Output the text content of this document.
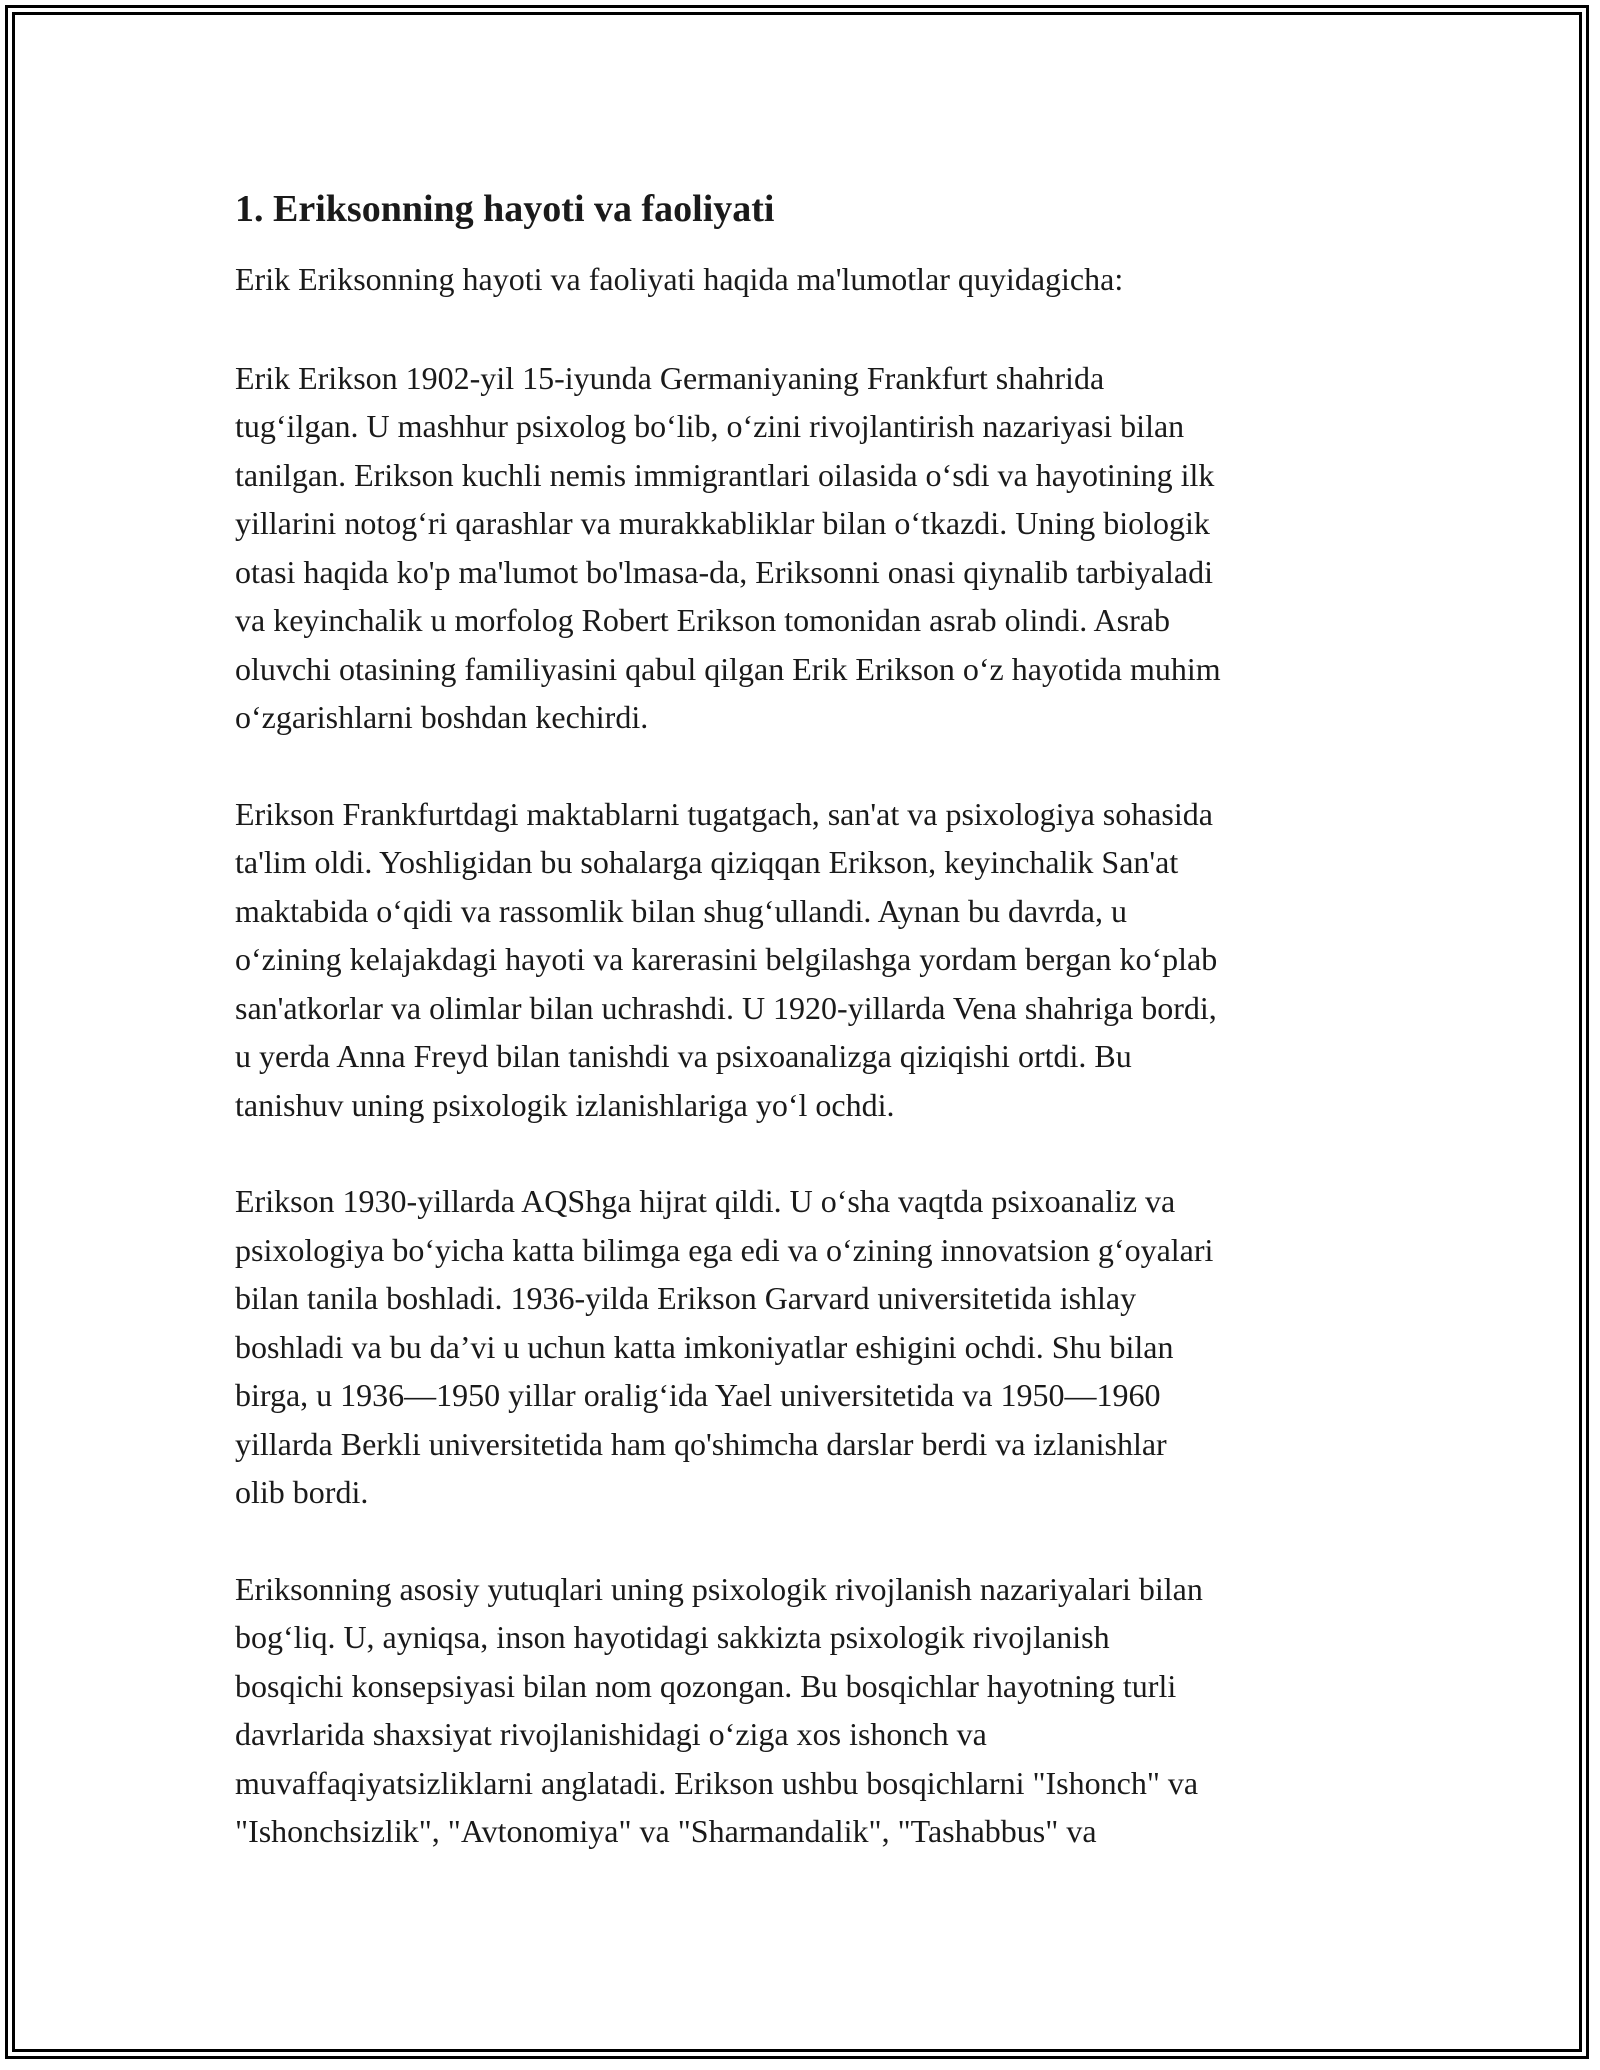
1. Eriksonning hayoti va faoliyati

Erik Eriksonning hayoti va faoliyati haqida ma'lumotlar quyidagicha:

Erik Erikson 1902-yil 15-iyunda Germaniyaning Frankfurt shahrida
tug‘ilgan. U mashhur psixolog bo‘lib, o‘zini rivojlantirish nazariyasi bilan
tanilgan. Erikson kuchli nemis immigrantlari oilasida o‘sdi va hayotining ilk
yillarini notog‘ri qarashlar va murakkabliklar bilan o‘tkazdi. Uning biologik
otasi haqida ko'p ma'lumot bo'lmasa-da, Eriksonni onasi qiynalib tarbiyaladi
va keyinchalik u morfolog Robert Erikson tomonidan asrab olindi. Asrab
oluvchi otasining familiyasini qabul qilgan Erik Erikson o‘z hayotida muhim
o‘zgarishlarni boshdan kechirdi.

Erikson Frankfurtdagi maktablarni tugatgach, san'at va psixologiya sohasida
ta'lim oldi. Yoshligidan bu sohalarga qiziqqan Erikson, keyinchalik San'at
maktabida o‘qidi va rassomlik bilan shug‘ullandi. Aynan bu davrda, u
o‘zining kelajakdagi hayoti va karerasini belgilashga yordam bergan ko‘plab
san'atkorlar va olimlar bilan uchrashdi. U 1920-yillarda Vena shahriga bordi,
u yerda Anna Freyd bilan tanishdi va psixoanalizga qiziqishi ortdi. Bu
tanishuv uning psixologik izlanishlariga yo‘l ochdi.

Erikson 1930-yillarda AQShga hijrat qildi. U o‘sha vaqtda psixoanaliz va
psixologiya bo‘yicha katta bilimga ega edi va o‘zining innovatsion g‘oyalari
bilan tanila boshladi. 1936-yilda Erikson Garvard universitetida ishlay
boshladi va bu da’vi u uchun katta imkoniyatlar eshigini ochdi. Shu bilan
birga, u 1936—1950 yillar oralig‘ida Yael universitetida va 1950—1960
yillarda Berkli universitetida ham qo'shimcha darslar berdi va izlanishlar
olib bordi.

Eriksonning asosiy yutuqlari uning psixologik rivojlanish nazariyalari bilan
bog‘liq. U, ayniqsa, inson hayotidagi sakkizta psixologik rivojlanish
bosqichi konsepsiyasi bilan nom qozongan. Bu bosqichlar hayotning turli
davrlarida shaxsiyat rivojlanishidagi o‘ziga xos ishonch va
muvaffaqiyatsizliklarni anglatadi. Erikson ushbu bosqichlarni "Ishonch" va
"Ishonchsizlik", "Avtonomiya" va "Sharmandalik", "Tashabbus" va
